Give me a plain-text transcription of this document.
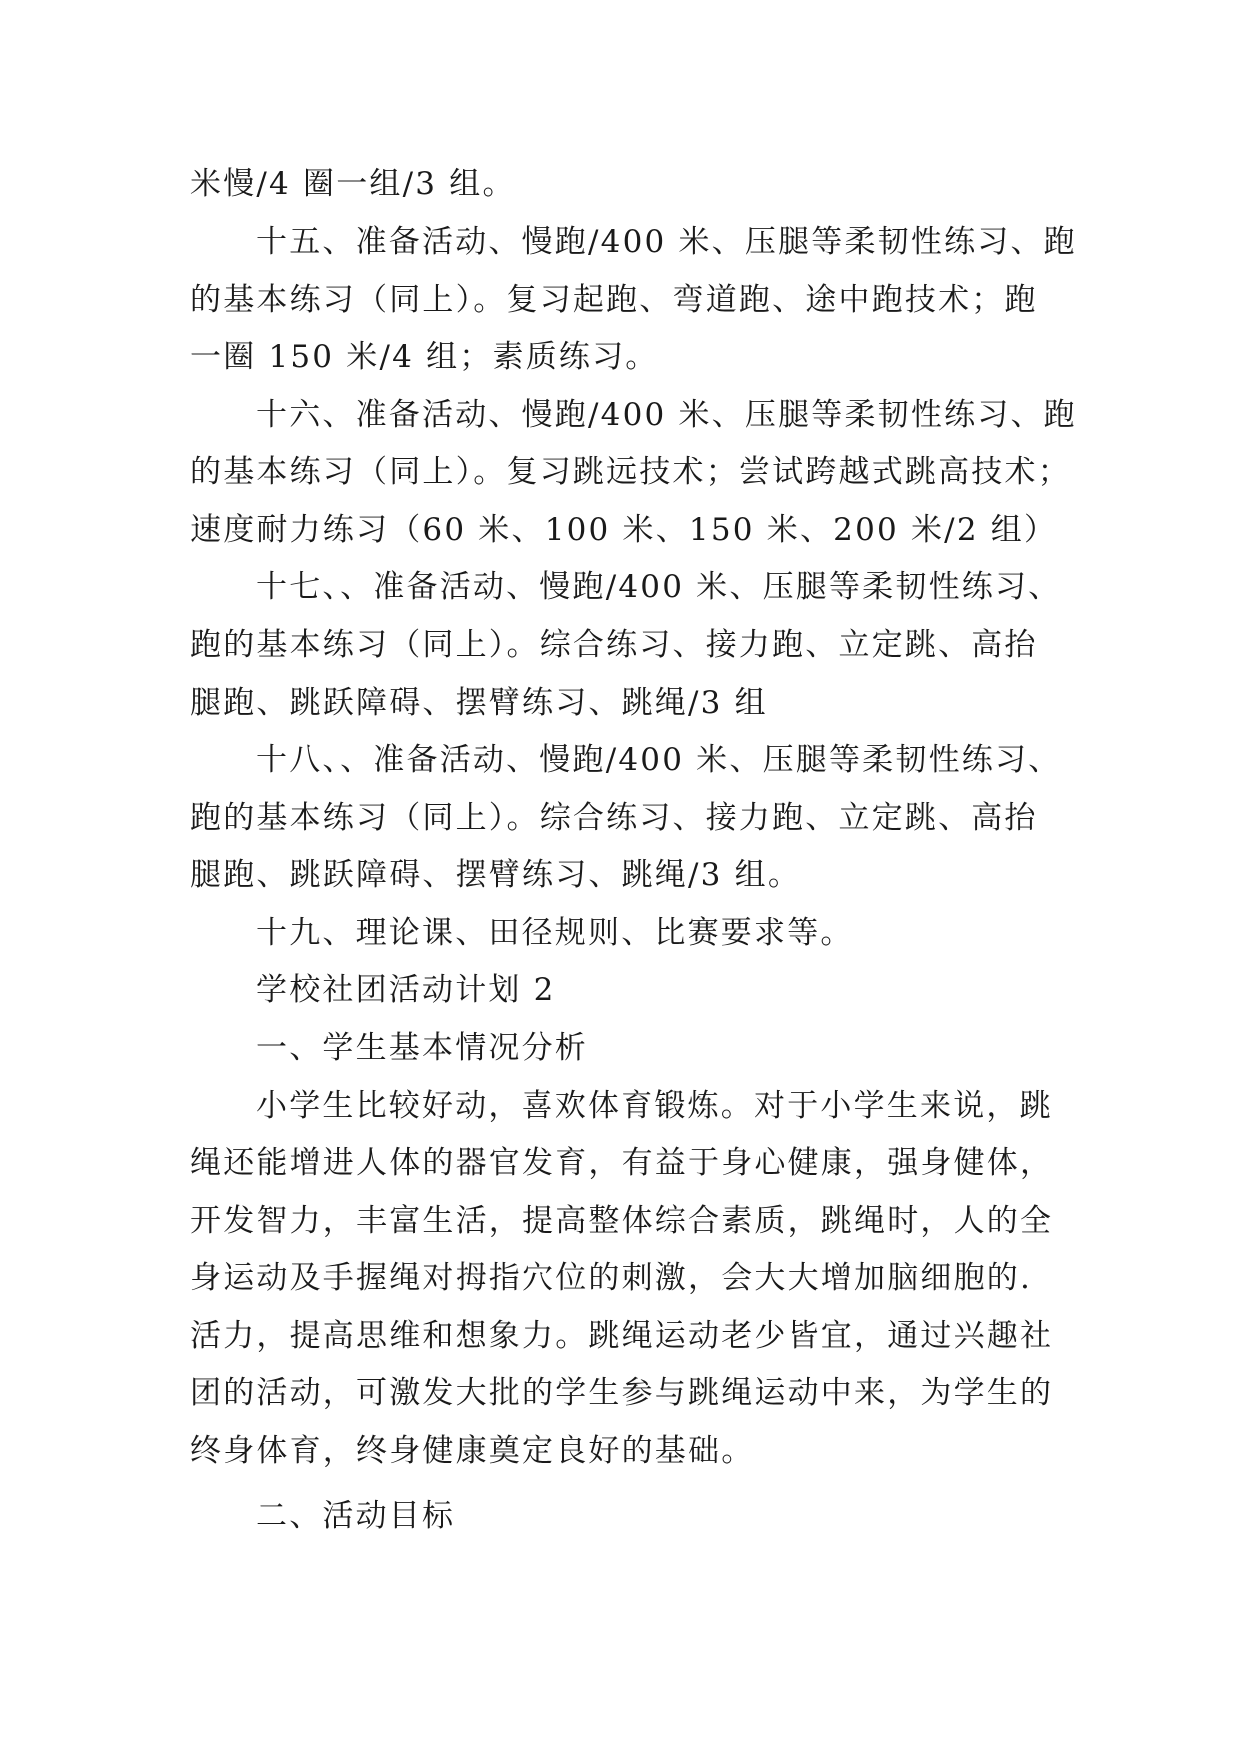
米慢/4 圈一组/3 组。
十五、准备活动、慢跑/400 米、压腿等柔韧性练习、跑
的基本练习（同上）。复习起跑、弯道跑、途中跑技术；跑
一圈 150 米/4 组；素质练习。
十六、准备活动、慢跑/400 米、压腿等柔韧性练习、跑
的基本练习（同上）。复习跳远技术；尝试跨越式跳高技术；
速度耐力练习（60 米、100 米、150 米、200 米/2 组）
十七、、准备活动、慢跑/400 米、压腿等柔韧性练习、
跑的基本练习（同上）。综合练习、接力跑、立定跳、高抬
腿跑、跳跃障碍、摆臂练习、跳绳/3 组
十八、、准备活动、慢跑/400 米、压腿等柔韧性练习、
跑的基本练习（同上）。综合练习、接力跑、立定跳、高抬
腿跑、跳跃障碍、摆臂练习、跳绳/3 组。
十九、理论课、田径规则、比赛要求等。
学校社团活动计划 2
一、学生基本情况分析
小学生比较好动，喜欢体育锻炼。对于小学生来说，跳
绳还能增进人体的器官发育，有益于身心健康，强身健体，
开发智力，丰富生活，提高整体综合素质，跳绳时，人的全
身运动及手握绳对拇指穴位的刺激，会大大增加脑细胞的.
活力，提高思维和想象力。跳绳运动老少皆宜，通过兴趣社
团的活动，可激发大批的学生参与跳绳运动中来，为学生的
终身体育，终身健康奠定良好的基础。
二、活动目标
